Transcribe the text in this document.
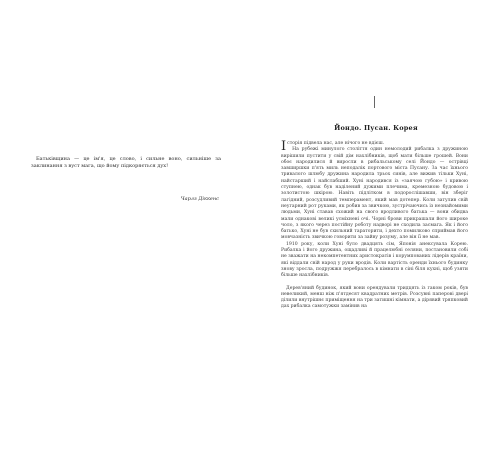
Батьківщина — це ім'я, це слово, і сильне воно, сильніше за заклинання з вуст мага, що йому підкоряється дух!

Чарлз Діккенс
Йондо. Пусан. Корея

Історія підвела нас, але нічого не вдієш.

На рубежі минулого століття один немолодий рибалка з дружиною вирішили пустити у свій дім нахлібників, щоб мати більше грошей. Вони обоє народилися й виросли в рибальському селі Йондо — острівці завширшки п'ять миль неподалік портового міста Пусану. За час їхнього тривалого шлюбу дружина народила трьох синів, але вижив тільки Хуні, найстарший і найслабший. Хуні народився із «заячою губою» і кривою ступнею, однак був наділений дужими плечима, кремезною будовою і золотистою шкірою. Навіть підлітком в подорослішавши, він зберіг лагідний, розсудливий темперамент, який мав дотепер. Коли затулив свій неугарний рот руками, як робив за звичкою, зустрічаючись із незнайомими людьми, Хуні ставав схожий на свого вродливого батька — вони обидва мали однакові великі усміхнені очі. Чорні брови прикрашали його широке чоло, з якого через постійну роботу надворі не сходила засмага. Як і його батько, Хуні не був схильний тараторити, і дехто помилково сприймав його мовчазність звичкою говорити за зайву розуму, але він її не мав.

1910 року, коли Хуні було двадцять сім, Японія анексувала Корею. Рибалка і його дружина, ощадливі й працелюбні селяни, постановили собі не зважати на некомпетентних аристократів і корумпованих лідерів країни, які віддали свій народ у руки вродів. Коли вартість оренди їхнього будинку знову зросла, подружжя перебралось в кімнати в сіні біля кухні, щоб узяти більше нахлібників.

Дерев'яний будинок, який вони орендували тридцять із гаком років, був невеликий, менш ніж п'ятдесят квадратних метрів. Розсувні паперові двері ділили внутрішнє приміщення на три затишні кімнати, а дірявий тряпковий дах рибалка самотужки замінив на
